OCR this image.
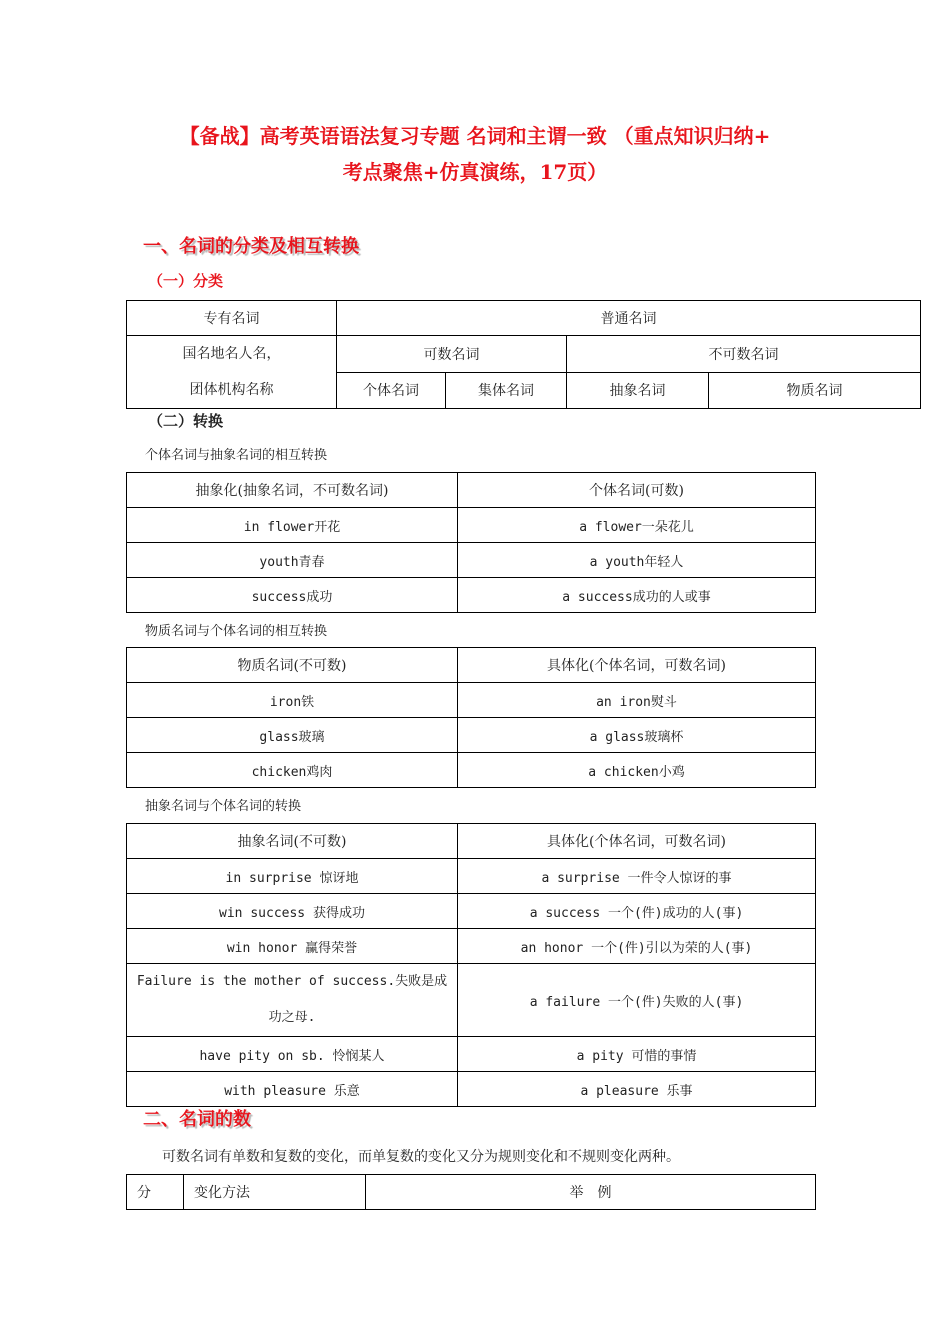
【备战】高考英语语法复习专题 名词和主谓一致 （重点知识归纳+
考点聚焦+仿真演练，17页）
一、名词的分类及相互转换
（一）分类
专有名词	普通名词			

国名地名人名，
团体机构名称	可数名词		不可数名词	
	个体名词	集体名词	抽象名词	物质名词
（二）转换
个体名词与抽象名词的相互转换
抽象化(抽象名词，不可数名词)	个体名词(可数)
in flower开花	a flower一朵花儿
youth青春	a youth年轻人
success成功	a success成功的人或事
物质名词与个体名词的相互转换
物质名词(不可数)	具体化(个体名词，可数名词)
iron铁	an iron熨斗
glass玻璃	a glass玻璃杯
chicken鸡肉	a chicken小鸡
抽象名词与个体名词的转换
抽象名词(不可数)	具体化(个体名词，可数名词)
in surprise 惊讶地	a surprise 一件令人惊讶的事
win success 获得成功	a success 一个(件)成功的人(事)
win honor 赢得荣誉	an honor 一个(件)引以为荣的人(事)
Failure is the mother of success.失败是成功之母.	a failure 一个(件)失败的人(事)
have pity on sb. 怜悯某人	a pity 可惜的事情
with pleasure 乐意	a pleasure 乐事
二、名词的数
可数名词有单数和复数的变化，而单复数的变化又分为规则变化和不规则变化两种。
分	变化方法	举　例
